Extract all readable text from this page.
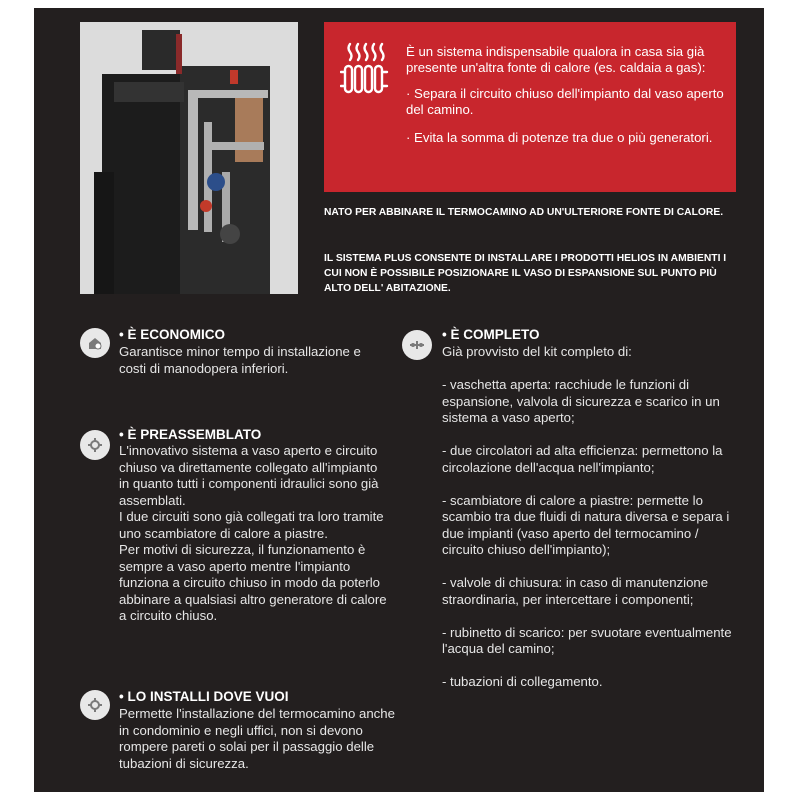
È un sistema indispensabile qualora in casa sia già presente un'altra fonte di calore (es. caldaia a gas):

· Separa il circuito chiuso dell'impianto dal vaso aperto del camino.

· Evita la somma di potenze tra due o più generatori.

NATO PER ABBINARE IL TERMOCAMINO AD UN'ULTERIORE FONTE DI CALORE.
IL SISTEMA PLUS CONSENTE DI INSTALLARE I PRODOTTI HELIOS IN AMBIENTI I CUI NON È POSSIBILE POSIZIONARE IL VASO DI ESPANSIONE SUL PUNTO PIÙ ALTO DELL' ABITAZIONE.
• È ECONOMICO

Garantisce minor tempo di installazione e costi di manodopera inferiori.

• È PREASSEMBLATO

L'innovativo sistema a vaso aperto e circuito chiuso va direttamente collegato all'impianto in quanto tutti i componenti idraulici sono già assemblati.

I due circuiti sono già collegati tra loro tramite uno scambiatore di calore a piastre.

Per motivi di sicurezza, il funzionamento è sempre a vaso aperto mentre l'impianto funziona a circuito chiuso in modo da poterlo abbinare a qualsiasi altro generatore di calore a circuito chiuso.

• LO INSTALLI DOVE VUOI

Permette l'installazione del termocamino anche in condominio e negli uffici, non si devono rompere pareti o solai per il passaggio delle tubazioni di sicurezza.

• È COMPLETO

Già provvisto del kit completo di:

- vaschetta aperta: racchiude le funzioni di espansione, valvola di sicurezza e scarico in un sistema a vaso aperto;

- due circolatori ad alta efficienza: permettono la circolazione dell'acqua nell'impianto;

- scambiatore di calore a piastre: permette lo scambio tra due fluidi di natura diversa e separa i due impianti (vaso aperto del termocamino / circuito chiuso dell'impianto);

- valvole di chiusura: in caso di manutenzione straordinaria, per intercettare i componenti;

- rubinetto di scarico: per svuotare eventualmente l'acqua del camino;

- tubazioni di collegamento.
